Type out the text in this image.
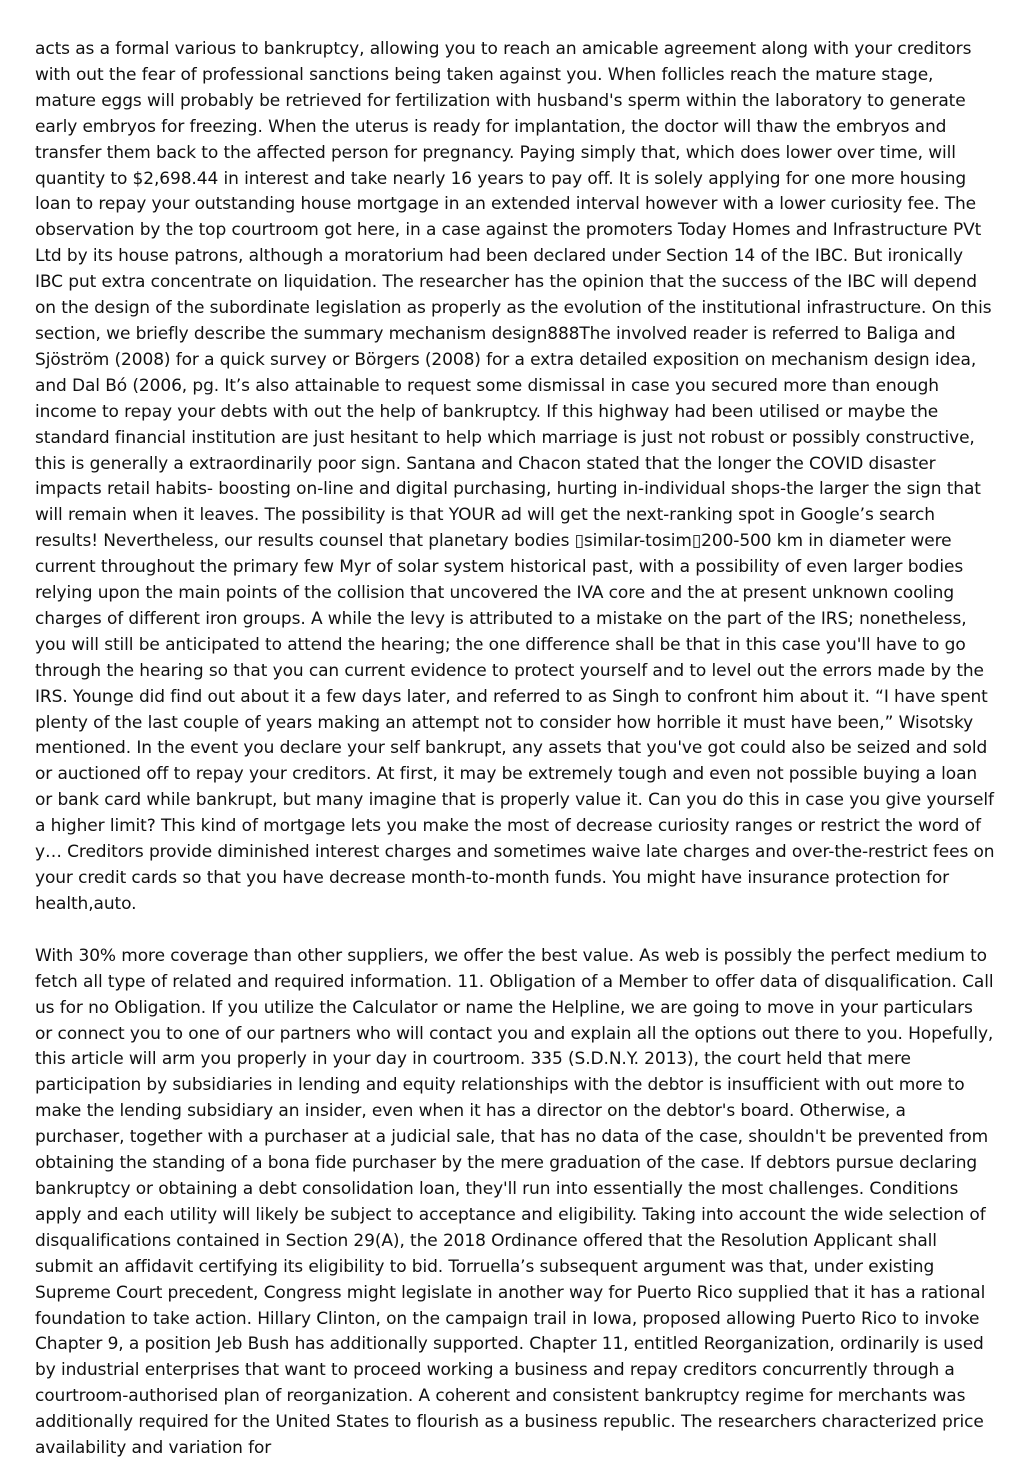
acts as a formal various to bankruptcy, allowing you to reach an amicable agreement along with your creditors with out the fear of professional sanctions being taken against you. When follicles reach the mature stage, mature eggs will probably be retrieved for fertilization with husband's sperm within the laboratory to generate early embryos for freezing. When the uterus is ready for implantation, the doctor will thaw the embryos and transfer them back to the affected person for pregnancy. Paying simply that, which does lower over time, will quantity to $2,698.44 in interest and take nearly 16 years to pay off. It is solely applying for one more housing loan to repay your outstanding house mortgage in an extended interval however with a lower curiosity fee. The observation by the top courtroom got here, in a case against the promoters Today Homes and Infrastructure PVt Ltd by its house patrons, although a moratorium had been declared under Section 14 of the IBC. But ironically IBC put extra concentrate on liquidation. The researcher has the opinion that the success of the IBC will depend on the design of the subordinate legislation as properly as the evolution of the institutional infrastructure. On this section, we briefly describe the summary mechanism design888The involved reader is referred to Baliga and Sjöström (2008) for a quick survey or Börgers (2008) for a extra detailed exposition on mechanism design idea, and Dal Bó (2006, pg. It’s also attainable to request some dismissal in case you secured more than enough income to repay your debts with out the help of bankruptcy. If this highway had been utilised or maybe the standard financial institution are just hesitant to help which marriage is just not robust or possibly constructive, this is generally a extraordinarily poor sign. Santana and Chacon stated that the longer the COVID disaster impacts retail habits- boosting on-line and digital purchasing, hurting in-individual shops-the larger the sign that will remain when it leaves. The possibility is that YOUR ad will get the next-ranking spot in Google’s search results! Nevertheless, our results counsel that planetary bodies ▯similar-tosim▯200-500 km in diameter were current throughout the primary few Myr of solar system historical past, with a possibility of even larger bodies relying upon the main points of the collision that uncovered the IVA core and the at present unknown cooling charges of different iron groups. A while the levy is attributed to a mistake on the part of the IRS; nonetheless, you will still be anticipated to attend the hearing; the one difference shall be that in this case you'll have to go through the hearing so that you can current evidence to protect yourself and to level out the errors made by the IRS. Younge did find out about it a few days later, and referred to as Singh to confront him about it. “I have spent plenty of the last couple of years making an attempt not to consider how horrible it must have been,” Wisotsky mentioned. In the event you declare your self bankrupt, any assets that you've got could also be seized and sold or auctioned off to repay your creditors. At first, it may be extremely tough and even not possible buying a loan or bank card while bankrupt, but many imagine that is properly value it. Can you do this in case you give yourself a higher limit? This kind of mortgage lets you make the most of decrease curiosity ranges or restrict the word of y… Creditors provide diminished interest charges and sometimes waive late charges and over-the-restrict fees on your credit cards so that you have decrease month-to-month funds. You might have insurance protection for health,auto.

With 30% more coverage than other suppliers, we offer the best value. As web is possibly the perfect medium to fetch all type of related and required information. 11. Obligation of a Member to offer data of disqualification. Call us for no Obligation. If you utilize the Calculator or name the Helpline, we are going to move in your particulars or connect you to one of our partners who will contact you and explain all the options out there to you. Hopefully, this article will arm you properly in your day in courtroom. 335 (S.D.N.Y. 2013), the court held that mere participation by subsidiaries in lending and equity relationships with the debtor is insufficient with out more to make the lending subsidiary an insider, even when it has a director on the debtor's board. Otherwise, a purchaser, together with a purchaser at a judicial sale, that has no data of the case, shouldn't be prevented from obtaining the standing of a bona fide purchaser by the mere graduation of the case. If debtors pursue declaring bankruptcy or obtaining a debt consolidation loan, they'll run into essentially the most challenges. Conditions apply and each utility will likely be subject to acceptance and eligibility. Taking into account the wide selection of disqualifications contained in Section 29(A), the 2018 Ordinance offered that the Resolution Applicant shall submit an affidavit certifying its eligibility to bid. Torruella’s subsequent argument was that, under existing Supreme Court precedent, Congress might legislate in another way for Puerto Rico supplied that it has a rational foundation to take action. Hillary Clinton, on the campaign trail in Iowa, proposed allowing Puerto Rico to invoke Chapter 9, a position Jeb Bush has additionally supported. Chapter 11, entitled Reorganization, ordinarily is used by industrial enterprises that want to proceed working a business and repay creditors concurrently through a courtroom-authorised plan of reorganization. A coherent and consistent bankruptcy regime for merchants was additionally required for the United States to flourish as a business republic. The researchers characterized price availability and variation for
